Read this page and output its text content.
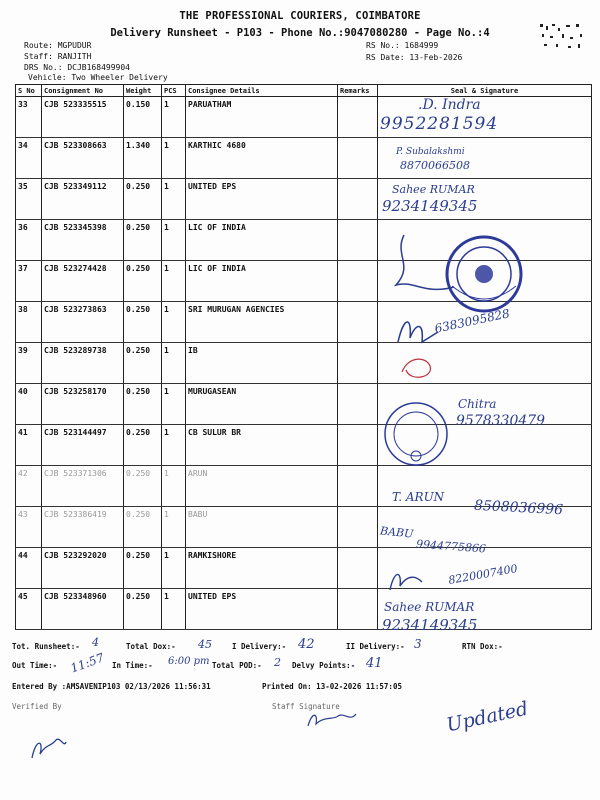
THE PROFESSIONAL COURIERS, COIMBATORE
Delivery Runsheet - P103 - Phone No.:9047080280 - Page No.:4
Route: MGPUDUR
Staff: RANJITH
DRS No.: DCJB168499904
Vehicle: Two Wheeler Delivery
RS No.: 1684999
RS Date: 13-Feb-2026
S No	Consignment No	Weight	PCS	Consignee Details	Remarks	Seal & Signature
33	CJB 523335515	0.150	1	PARUATHAM		
34	CJB 523308663	1.340	1	KARTHIC 4680		
35	CJB 523349112	0.250	1	UNITED EPS		
36	CJB 523345398	0.250	1	LIC OF INDIA		
37	CJB 523274428	0.250	1	LIC OF INDIA		
38	CJB 523273863	0.250	1	SRI MURUGAN AGENCIES		
39	CJB 523289738	0.250	1	IB		
40	CJB 523258170	0.250	1	MURUGASEAN		
41	CJB 523144497	0.250	1	CB SULUR BR		
42	CJB 523371306	0.250	1	ARUN		
43	CJB 523386419	0.250	1	BABU		
44	CJB 523292020	0.250	1	RAMKISHORE		
45	CJB 523348960	0.250	1	UNITED EPS		
.D. Indra
9952281594
P. Subalakshmi
8870066508
Sahee RUMAR
9234149345
6383095828
Chitra
9578330479
T. ARUN
8508036996
BABU
9944775866
8220007400
Sahee RUMAR
9234149345
Tot. Runsheet:- 4	Total Dox:- 45	I Delivery:- 42	II Delivery:- 3	RTN Dox:-
Out Time:- 11:57 In Time:- 6:00 pm Total POD:- 2 Delvy Points:- 41
Entered By :AMSAVENIP103 02/13/2026 11:56:31	Printed On: 13-02-2026 11:57:05
Verified By	Staff Signature	Updated
